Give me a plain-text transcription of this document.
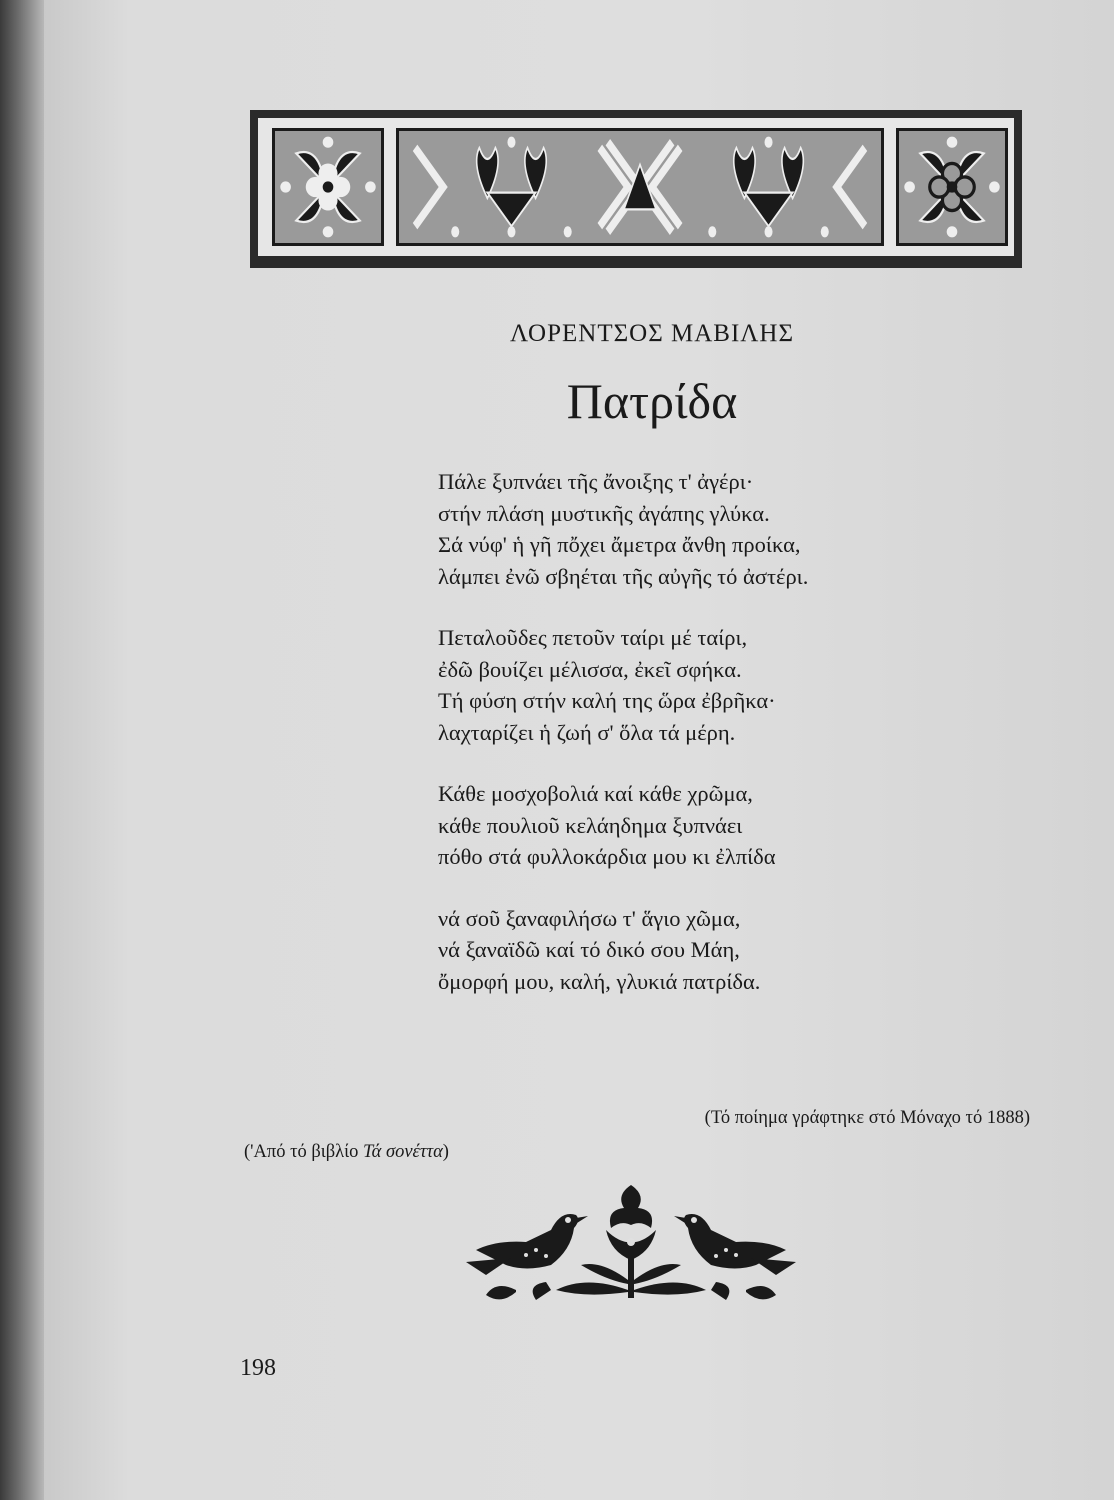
ΛΟΡΕΝΤΣΟΣ ΜΑΒΙΛΗΣ
Πατρίδα
Πάλε ξυπνάει τῆς ἄνοιξης τ' ἀγέρι·
στήν πλάση μυστικῆς ἀγάπης γλύκα.
Σά νύφ' ἡ γῆ πὄχει ἄμετρα ἄνθη προίκα,
λάμπει ἐνῶ σβηέται τῆς αὐγῆς τό ἀστέρι.
Πεταλοῦδες πετοῦν ταίρι μέ ταίρι,
ἐδῶ βουίζει μέλισσα, ἐκεῖ σφήκα.
Τή φύση στήν καλή της ὥρα ἐβρῆκα·
λαχταρίζει ἡ ζωή σ' ὅλα τά μέρη.
Κάθε μοσχοβολιά καί κάθε χρῶμα,
κάθε πουλιοῦ κελάηδημα ξυπνάει
πόθο στά φυλλοκάρδια μου κι ἐλπίδα
νά σοῦ ξαναφιλήσω τ' ἅγιο χῶμα,
νά ξαναϊδῶ καί τό δικό σου Μάη,
ὄμορφή μου, καλή, γλυκιά πατρίδα.
(Τό ποίημα γράφτηκε στό Μόναχο τό 1888)
('Από τό βιβλίο Τά σονέττα)
198
